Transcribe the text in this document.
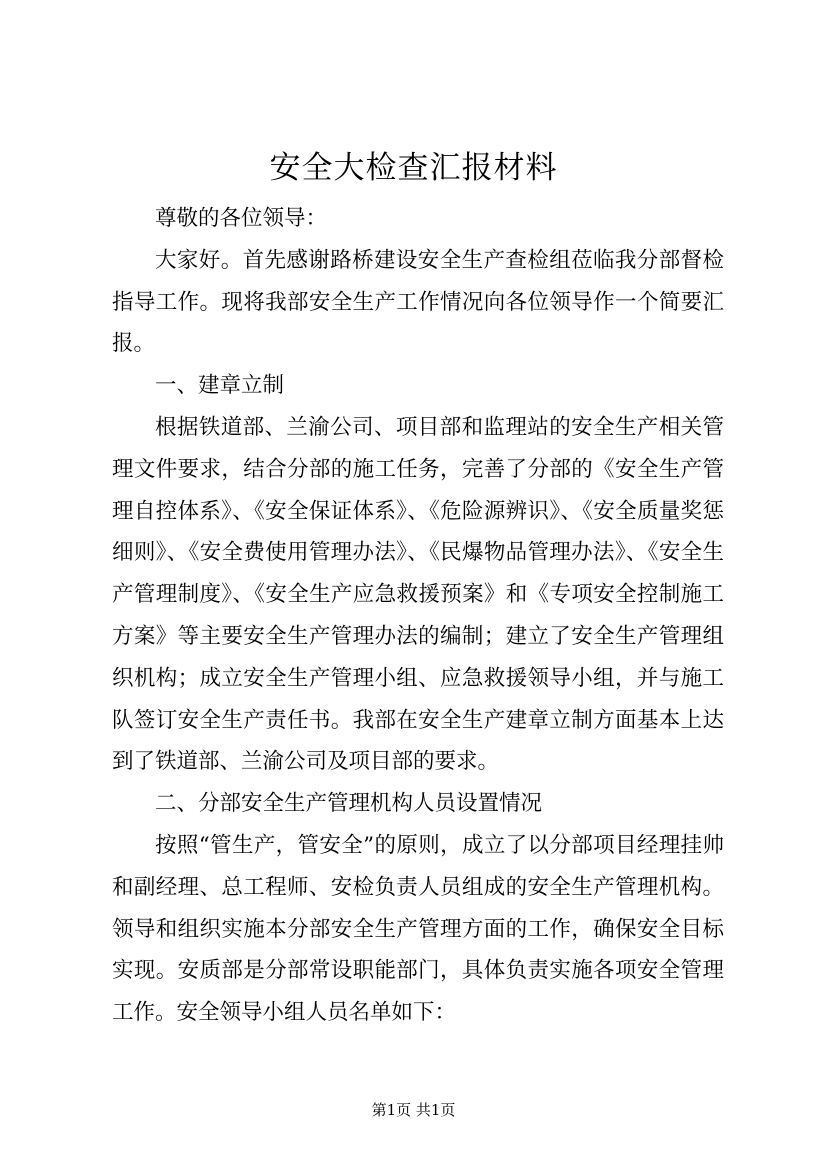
安全大检查汇报材料

尊敬的各位领导：

大家好。首先感谢路桥建设安全生产查检组莅临我分部督检指导工作。现将我部安全生产工作情况向各位领导作一个简要汇报。

一、建章立制

根据铁道部、兰渝公司、项目部和监理站的安全生产相关管理文件要求，结合分部的施工任务，完善了分部的《安全生产管理自控体系》、《安全保证体系》、《危险源辨识》、《安全质量奖惩细则》、《安全费使用管理办法》、《民爆物品管理办法》、《安全生产管理制度》、《安全生产应急救援预案》和《专项安全控制施工方案》等主要安全生产管理办法的编制；建立了安全生产管理组织机构；成立安全生产管理小组、应急救援领导小组，并与施工队签订安全生产责任书。我部在安全生产建章立制方面基本上达到了铁道部、兰渝公司及项目部的要求。

二、分部安全生产管理机构人员设置情况

按照“管生产，管安全”的原则，成立了以分部项目经理挂帅和副经理、总工程师、安检负责人员组成的安全生产管理机构。领导和组织实施本分部安全生产管理方面的工作，确保安全目标实现。安质部是分部常设职能部门，具体负责实施各项安全管理工作。安全领导小组人员名单如下：

第1页 共1页
